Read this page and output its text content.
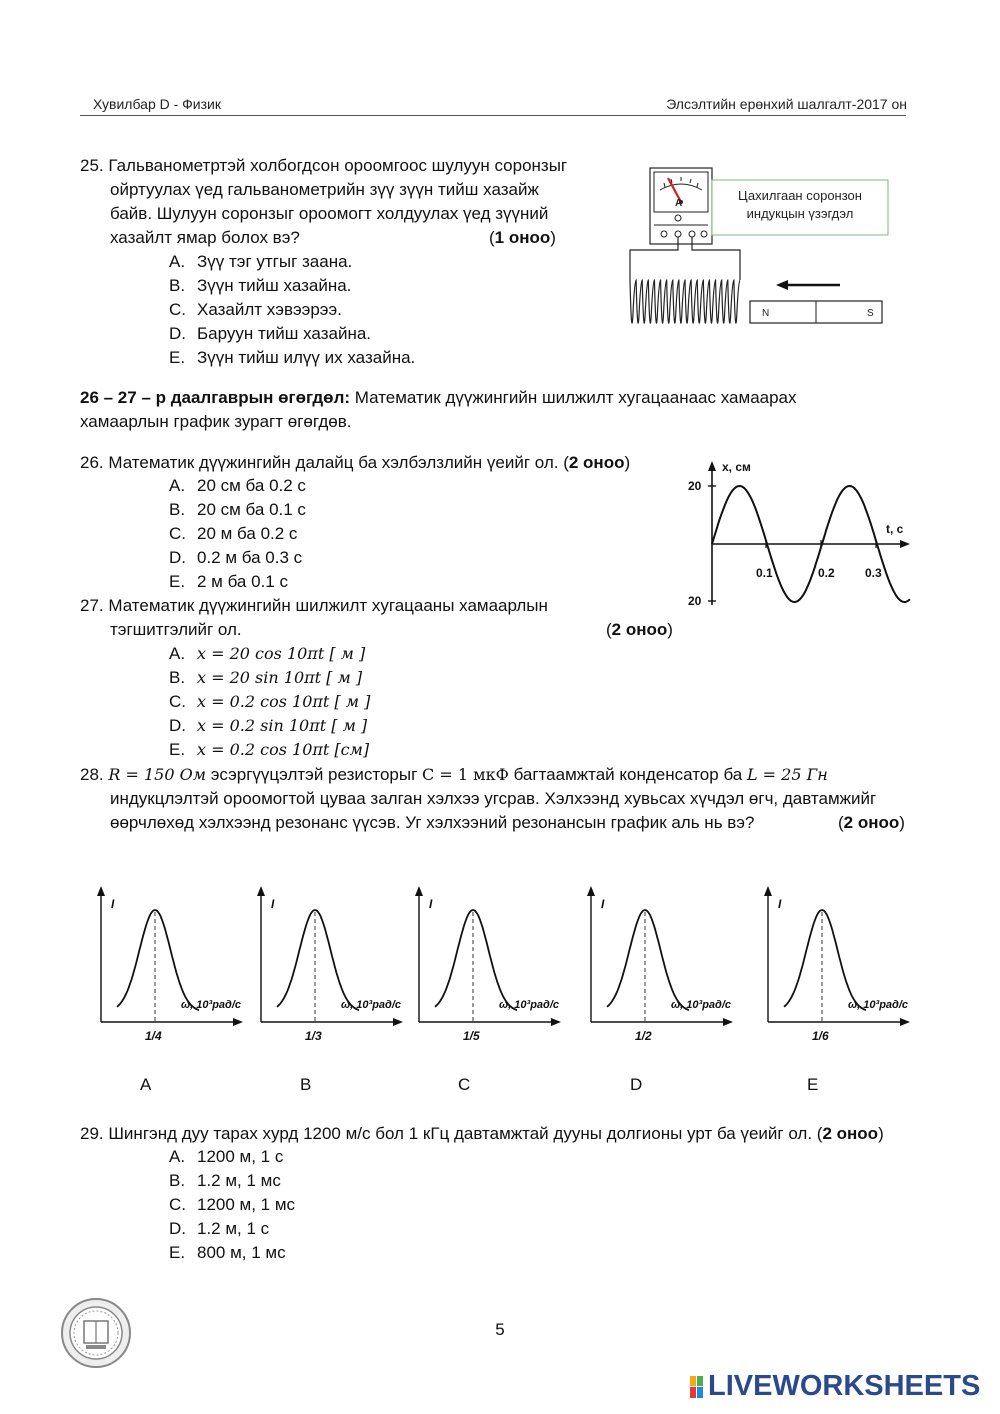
Хувилбар D - Физик	Элсэлтийн ерөнхий шалгалт-2017 он
25. Гальванометртэй холбогдсон ороомгоос шулуун соронзыг
ойртуулах үед гальванометрийн зүү зүүн тийш хазайж
байв. Шулуун соронзыг ороомогт холдуулах үед зүүний
хазайлт ямар болох вэ?	(1 оноо)
A. Зүү тэг утгыг заана.
B. Зүүн тийш хазайна.
C. Хазайлт хэвээрээ.
D. Баруун тийш хазайна.
E. Зүүн тийш илүү их хазайна.
A
Цахилгаан соронзон
индукцын үзэгдэл
N	S
26 – 27 – р даалгаврын өгөгдөл: Математик дүүжингийн шилжилт хугацаанаас хамаарах
хамаарлын график зурагт өгөгдөв.
26. Математик дүүжингийн далайц ба хэлбэлзлийн үеийг ол. (2 оноо)
A. 20 см ба 0.2 с
B. 20 см ба 0.1 с
C. 20 м ба 0.2 с
D. 0.2 м ба 0.3 с
E. 2 м ба 0.1 с
x, см
t, c
20
20
0.1	0.2	0.3
27. Математик дүүжингийн шилжилт хугацааны хамаарлын
тэгшитгэлийг ол.	(2 оноо)
A. x = 20 cos 10πt [ м ]
B. x = 20 sin 10πt [ м ]
C. x = 0.2 cos 10πt [ м ]
D. x = 0.2 sin 10πt [ м ]
E. x = 0.2 cos 10πt [см]
28. R = 150 Ом эсэргүүцэлтэй резисторыг C = 1 мкФ багтаамжтай конденсатор ба L = 25 Гн
индукцлэлтэй ороомогтой цуваа залган хэлхээ угсрав. Хэлхээнд хувьсах хүчдэл өгч, давтамжийг
өөрчлөхөд хэлхээнд резонанс үүсэв. Уг хэлхээний резонансын график аль нь вэ?	(2 оноо)
I
ω, 10³рад/с
1/4
A
I
ω, 10³рад/с
1/3
B
I
ω, 10³рад/с
1/5
C
I
ω, 10³рад/с
1/2
D
I
ω, 10³рад/с
1/6
E
29. Шингэнд дуу тарах хурд 1200 м/с бол 1 кГц давтамжтай дууны долгионы урт ба үеийг ол. (2 оноо)
A. 1200 м, 1 с
B. 1.2 м, 1 мс
C. 1200 м, 1 мс
D. 1.2 м, 1 с
E. 800 м, 1 мс
5
LIVEWORKSHEETS
